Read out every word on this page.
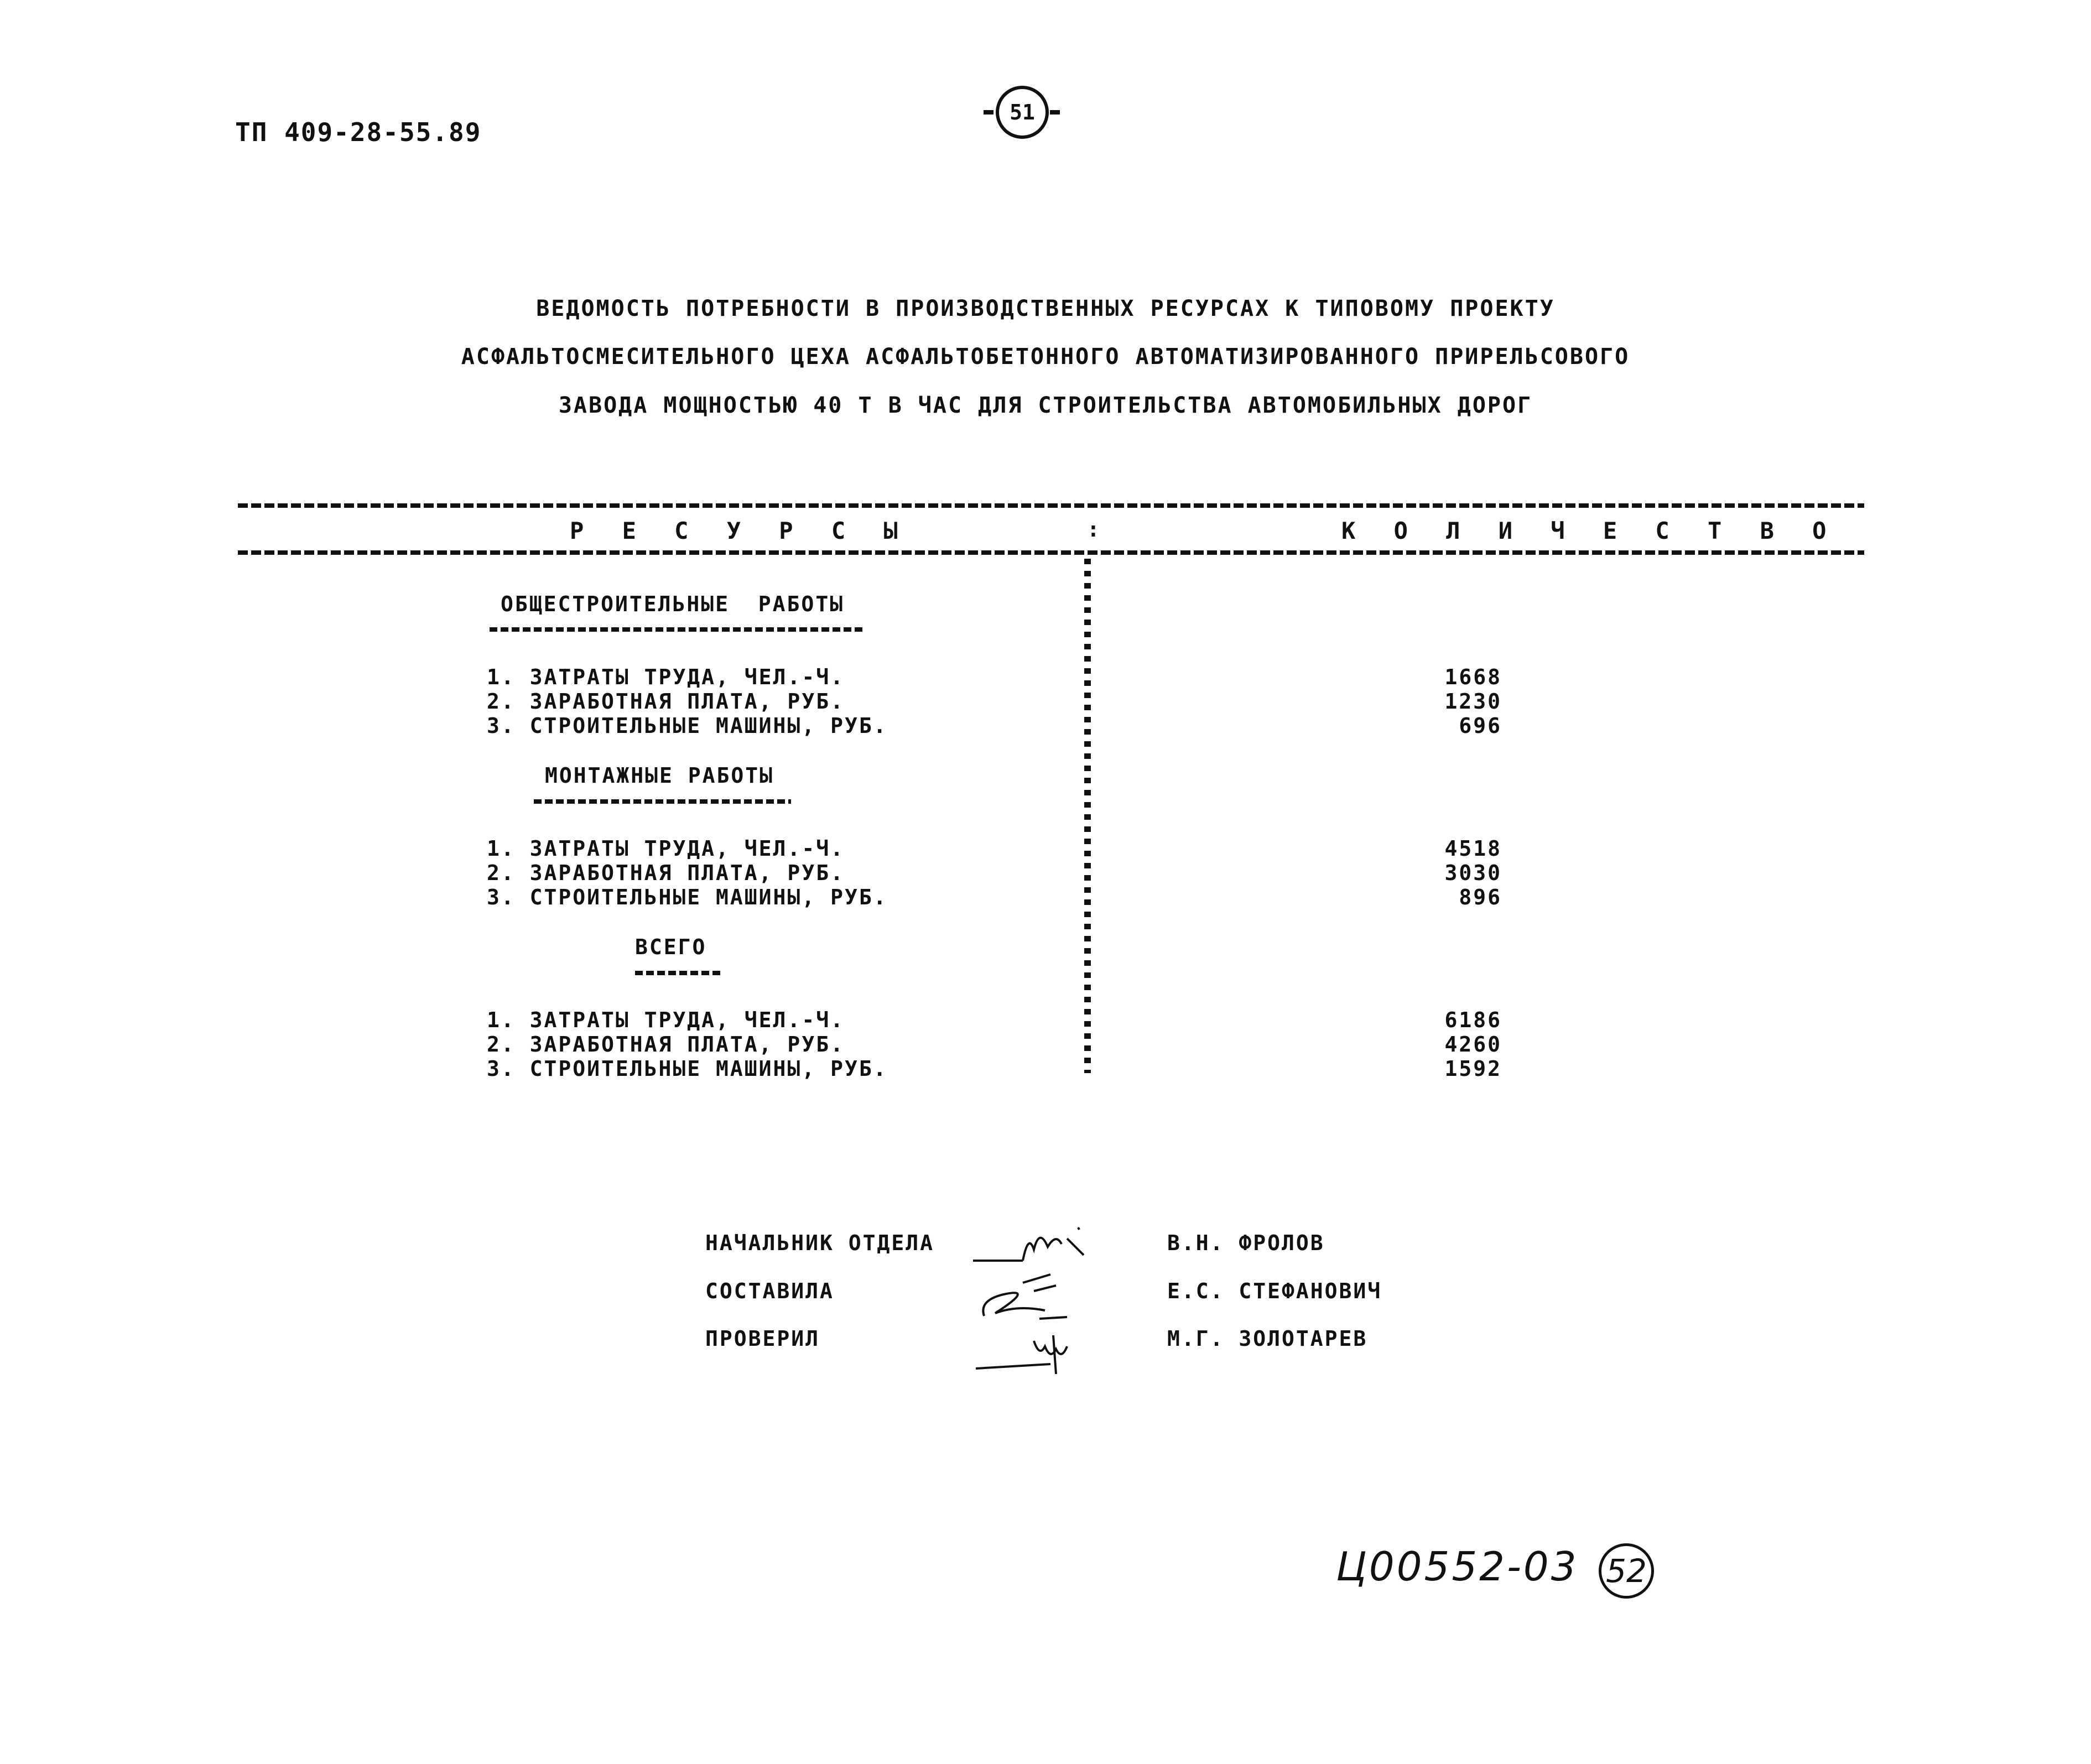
ТП 409-28-55.89

51

ВЕДОМОСТЬ ПОТРЕБНОСТИ В ПРОИЗВОДСТВЕННЫХ РЕСУРСАХ К ТИПОВОМУ ПРОЕКТУ
АСФАЛЬТОСМЕСИТЕЛЬНОГО ЦЕХА АСФАЛЬТОБЕТОННОГО АВТОМАТИЗИРОВАННОГО ПРИРЕЛЬСОВОГО
ЗАВОДА МОЩНОСТЬЮ 40 Т В ЧАС ДЛЯ СТРОИТЕЛЬСТВА АВТОМОБИЛЬНЫХ ДОРОГ
Р Е С У Р С Ы	:	К О Л И Ч Е С Т В О
ОБЩЕСТРОИТЕЛЬНЫЕ  РАБОТЫ
1. ЗАТРАТЫ ТРУДА, ЧЕЛ.-Ч.	1668
2. ЗАРАБОТНАЯ ПЛАТА, РУБ.	1230
3. СТРОИТЕЛЬНЫЕ МАШИНЫ, РУБ.	696
МОНТАЖНЫЕ РАБОТЫ
1. ЗАТРАТЫ ТРУДА, ЧЕЛ.-Ч.	4518
2. ЗАРАБОТНАЯ ПЛАТА, РУБ.	3030
3. СТРОИТЕЛЬНЫЕ МАШИНЫ, РУБ.	896
ВСЕГО
1. ЗАТРАТЫ ТРУДА, ЧЕЛ.-Ч.	6186
2. ЗАРАБОТНАЯ ПЛАТА, РУБ.	4260
3. СТРОИТЕЛЬНЫЕ МАШИНЫ, РУБ.	1592
НАЧАЛЬНИК ОТДЕЛА

	В.Н. ФРОЛОВ
СОСТАВИЛА

	Е.С. СТЕФАНОВИЧ
ПРОВЕРИЛ

	М.Г. ЗОЛОТАРЕВ
Ц00552-03 52
